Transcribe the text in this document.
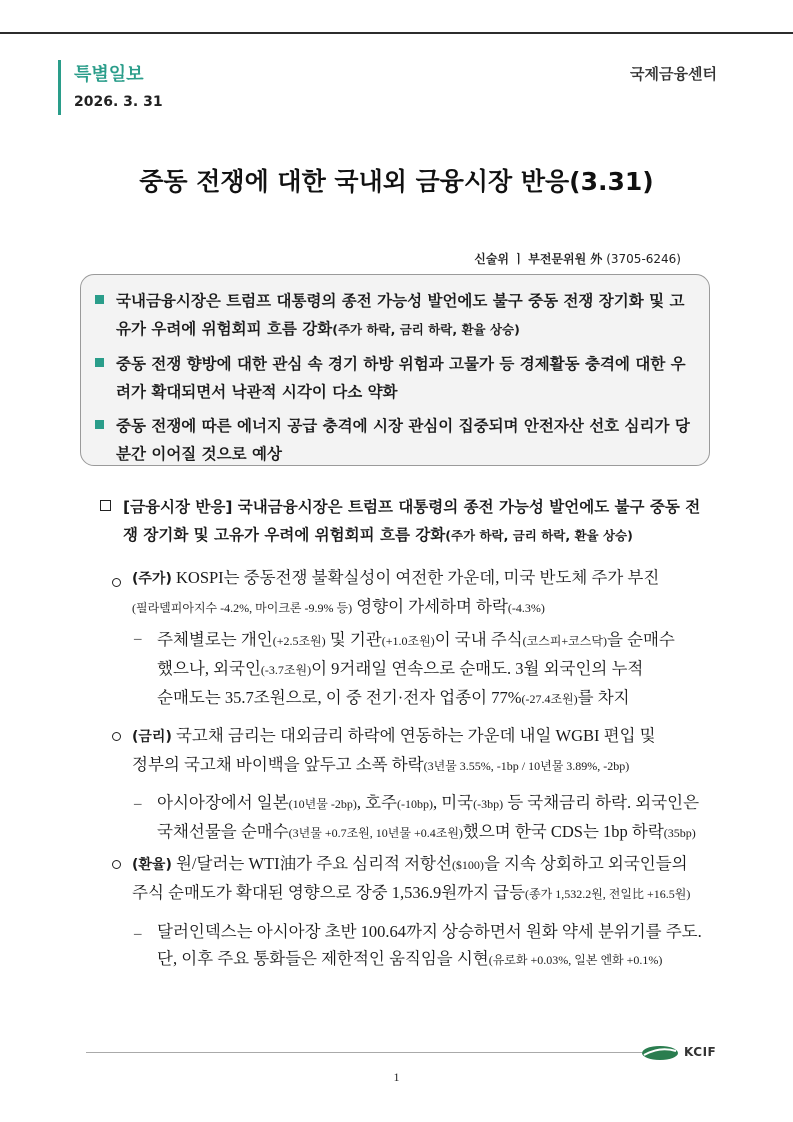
특별일보
2026. 3. 31
국제금융센터
중동 전쟁에 대한 국내외 금융시장 반응(3.31)
신술위 ㅣ 부전문위원 外 (3705-6246)
국내금융시장은 트럼프 대통령의 종전 가능성 발언에도 불구 중동 전쟁 장기화 및 고유가 우려에 위험회피 흐름 강화(주가 하락, 금리 하락, 환율 상승)
중동 전쟁 향방에 대한 관심 속 경기 하방 위험과 고물가 등 경제활동 충격에 대한 우려가 확대되면서 낙관적 시각이 다소 약화
중동 전쟁에 따른 에너지 공급 충격에 시장 관심이 집중되며 안전자산 선호 심리가 당분간 이어질 것으로 예상
[금융시장 반응] 국내금융시장은 트럼프 대통령의 종전 가능성 발언에도 불구 중동 전쟁 장기화 및 고유가 우려에 위험회피 흐름 강화(주가 하락, 금리 하락, 환율 상승)
(주가) KOSPI는 중동전쟁 불확실성이 여전한 가운데, 미국 반도체 주가 부진
(필라델피아지수 -4.2%, 마이크론 -9.9% 등) 영향이 가세하며 하락(-4.3%)
– 주체별로는 개인(+2.5조원) 및 기관(+1.0조원)이 국내 주식(코스피+코스닥)을 순매수
했으나, 외국인(-3.7조원)이 9거래일 연속으로 순매도. 3월 외국인의 누적
순매도는 35.7조원으로, 이 중 전기·전자 업종이 77%(-27.4조원)를 차지
(금리) 국고채 금리는 대외금리 하락에 연동하는 가운데 내일 WGBI 편입 및
정부의 국고채 바이백을 앞두고 소폭 하락(3년물 3.55%, -1bp / 10년물 3.89%, -2bp)
– 아시아장에서 일본(10년물 -2bp), 호주(-10bp), 미국(-3bp) 등 국채금리 하락. 외국인은
국채선물을 순매수(3년물 +0.7조원, 10년물 +0.4조원)했으며 한국 CDS는 1bp 하락(35bp)
(환율) 원/달러는 WTI油가 주요 심리적 저항선($100)을 지속 상회하고 외국인들의
주식 순매도가 확대된 영향으로 장중 1,536.9원까지 급등(종가 1,532.2원, 전일比 +16.5원)
– 달러인덱스는 아시아장 초반 100.64까지 상승하면서 원화 약세 분위기를 주도.
단, 이후 주요 통화들은 제한적인 움직임을 시현(유로화 +0.03%, 일본 엔화 +0.1%)
KCIF
1
